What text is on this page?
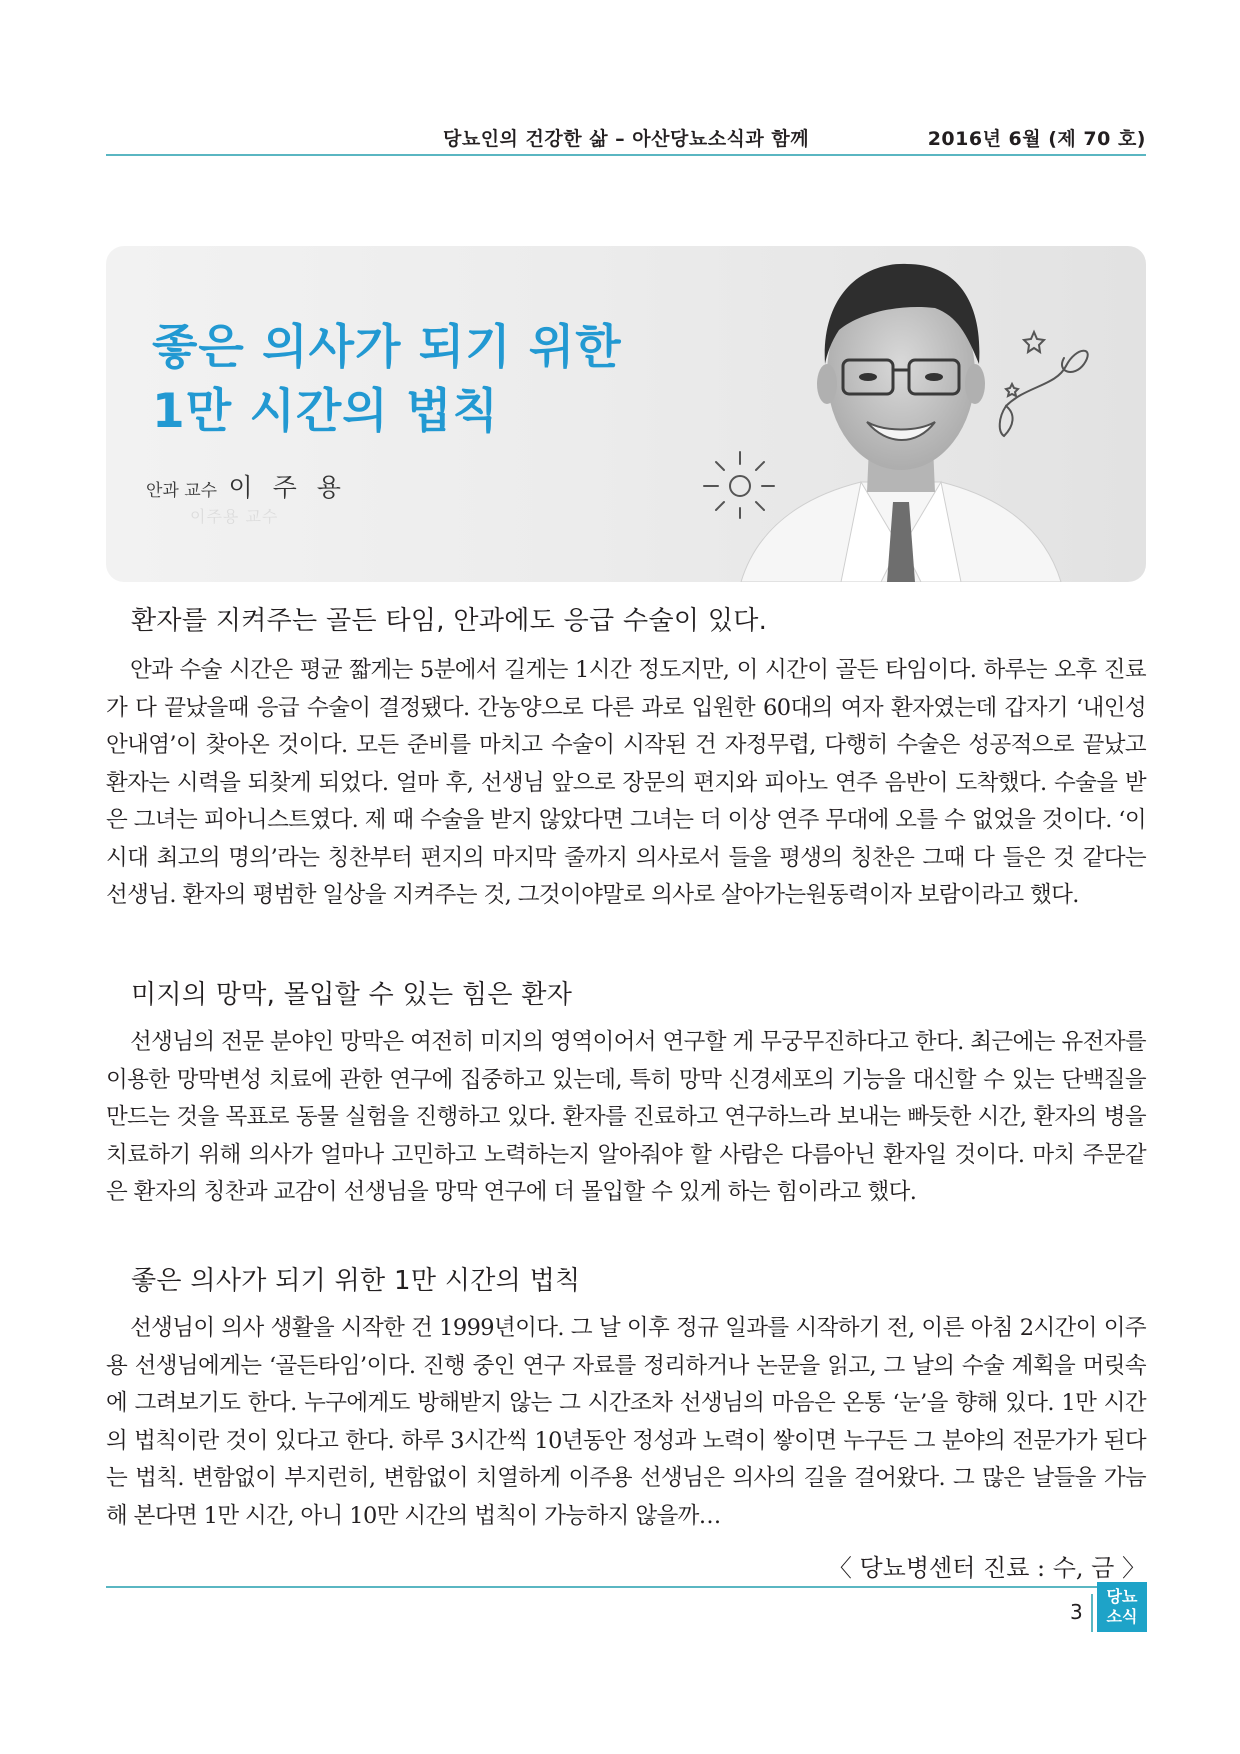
당뇨인의 건강한 삶 – 아산당뇨소식과 함께	2016년 6월 (제 70 호)
좋은 의사가 되기 위한
1만 시간의 법칙
안과 교수 이 주 용
이주용 교수
환자를 지켜주는 골든 타임, 안과에도 응급 수술이 있다.
안과 수술 시간은 평균 짧게는 5분에서 길게는 1시간 정도지만, 이 시간이 골든 타임이다. 하루는 오후 진료가 다 끝났을때 응급 수술이 결정됐다. 간농양으로 다른 과로 입원한 60대의 여자 환자였는데 갑자기 ‘내인성 안내염’이 찾아온 것이다. 모든 준비를 마치고 수술이 시작된 건 자정무렵, 다행히 수술은 성공적으로 끝났고 환자는 시력을 되찾게 되었다. 얼마 후, 선생님 앞으로 장문의 편지와 피아노 연주 음반이 도착했다. 수술을 받은 그녀는 피아니스트였다. 제 때 수술을 받지 않았다면 그녀는 더 이상 연주 무대에 오를 수 없었을 것이다. ‘이 시대 최고의 명의’라는 칭찬부터 편지의 마지막 줄까지 의사로서 들을 평생의 칭찬은 그때 다 들은 것 같다는 선생님. 환자의 평범한 일상을 지켜주는 것, 그것이야말로 의사로 살아가는원동력이자 보람이라고 했다.
미지의 망막, 몰입할 수 있는 힘은 환자
선생님의 전문 분야인 망막은 여전히 미지의 영역이어서 연구할 게 무궁무진하다고 한다. 최근에는 유전자를 이용한 망막변성 치료에 관한 연구에 집중하고 있는데, 특히 망막 신경세포의 기능을 대신할 수 있는 단백질을 만드는 것을 목표로 동물 실험을 진행하고 있다. 환자를 진료하고 연구하느라 보내는 빠듯한 시간, 환자의 병을 치료하기 위해 의사가 얼마나 고민하고 노력하는지 알아줘야 할 사람은 다름아닌 환자일 것이다. 마치 주문같은 환자의 칭찬과 교감이 선생님을 망막 연구에 더 몰입할 수 있게 하는 힘이라고 했다.
좋은 의사가 되기 위한 1만 시간의 법칙
선생님이 의사 생활을 시작한 건 1999년이다. 그 날 이후 정규 일과를 시작하기 전, 이른 아침 2시간이 이주용 선생님에게는 ‘골든타임’이다. 진행 중인 연구 자료를 정리하거나 논문을 읽고, 그 날의 수술 계획을 머릿속에 그려보기도 한다. 누구에게도 방해받지 않는 그 시간조차 선생님의 마음은 온통 ‘눈’을 향해 있다. 1만 시간의 법칙이란 것이 있다고 한다. 하루 3시간씩 10년동안 정성과 노력이 쌓이면 누구든 그 분야의 전문가가 된다는 법칙. 변함없이 부지런히, 변함없이 치열하게 이주용 선생님은 의사의 길을 걸어왔다. 그 많은 날들을 가늠해 본다면 1만 시간, 아니 10만 시간의 법칙이 가능하지 않을까…
〈 당뇨병센터 진료 : 수, 금 〉
3
당뇨
소식
